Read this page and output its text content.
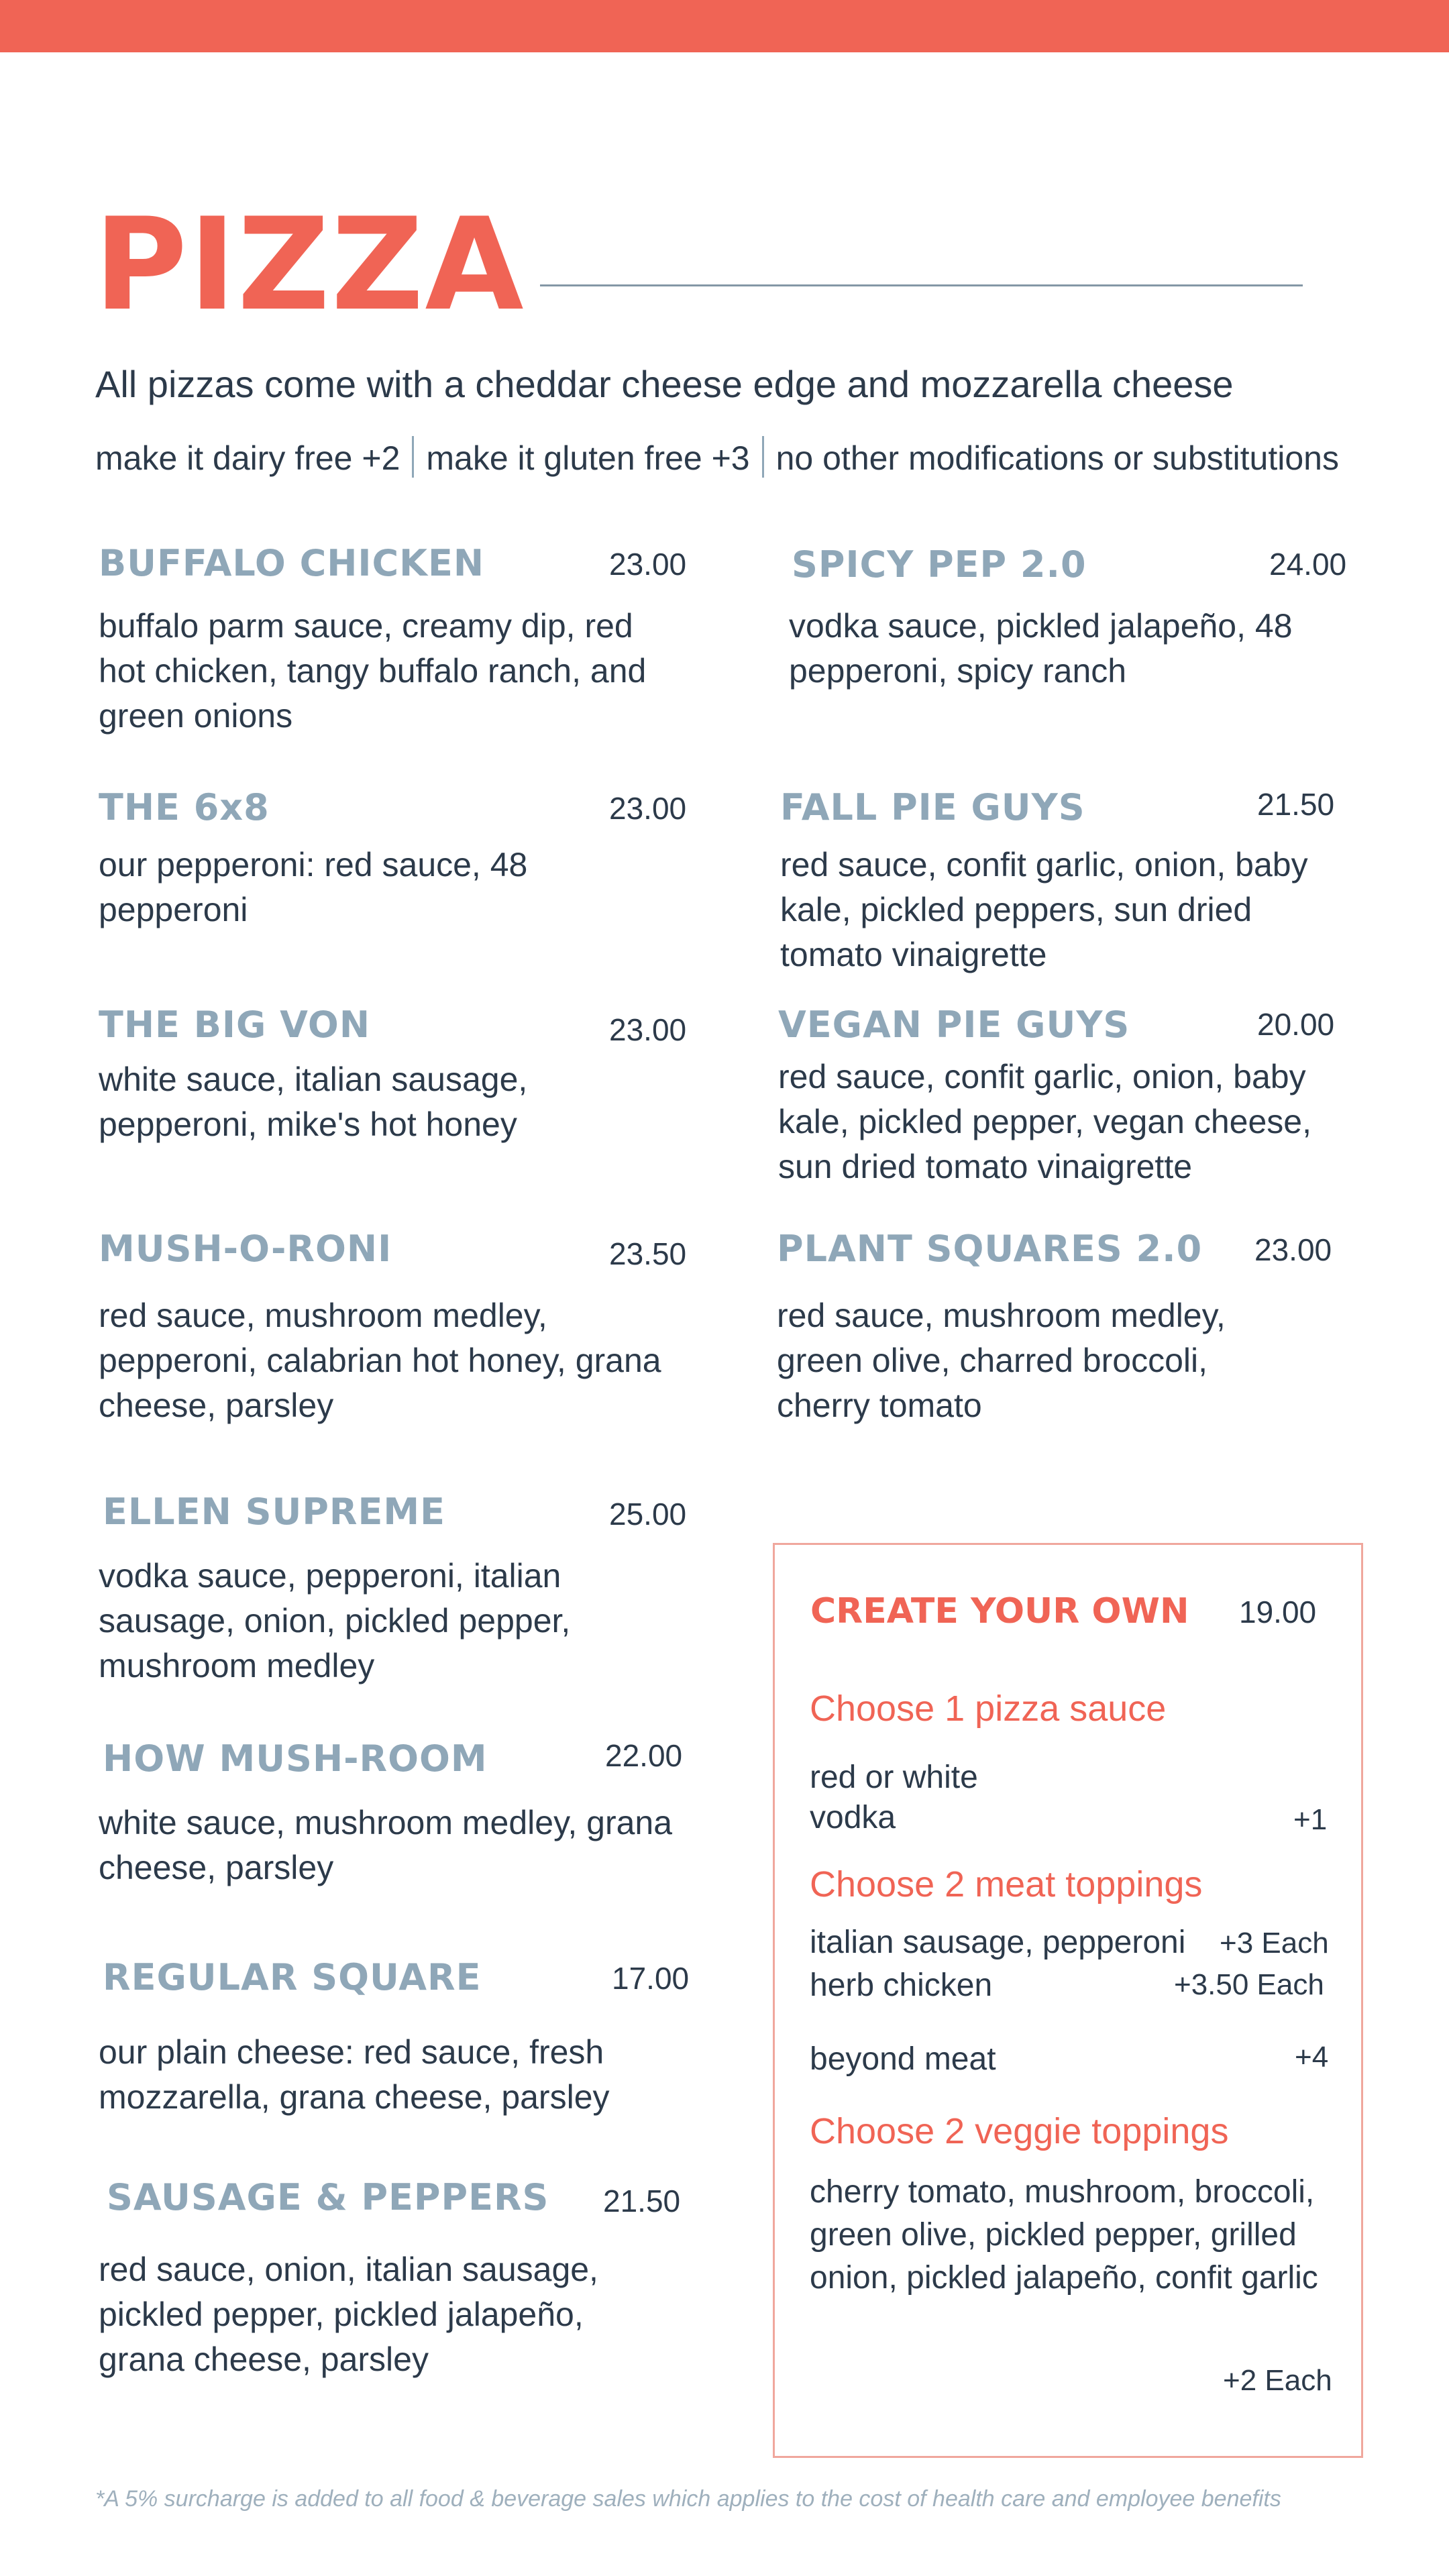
PIZZA
All pizzas come with a cheddar cheese edge and mozzarella cheese
make it dairy free +2 make it gluten free +3 no other modifications or substitutions
BUFFALO CHICKEN	23.00
buffalo parm sauce, creamy dip, red hot chicken, tangy buffalo ranch, and green onions
THE 6x8	23.00
our pepperoni: red sauce, 48 pepperoni
THE BIG VON	23.00
white sauce, italian sausage, pepperoni, mike's hot honey
MUSH-O-RONI	23.50
red sauce, mushroom medley, pepperoni, calabrian hot honey, grana cheese, parsley
ELLEN SUPREME	25.00
vodka sauce, pepperoni, italian sausage, onion, pickled pepper, mushroom medley
HOW MUSH-ROOM	22.00
white sauce, mushroom medley, grana cheese, parsley
REGULAR SQUARE	17.00
our plain cheese: red sauce, fresh mozzarella, grana cheese, parsley
SAUSAGE & PEPPERS 21.50
red sauce, onion, italian sausage, pickled pepper, pickled jalapeño, grana cheese, parsley
SPICY PEP 2.0	24.00
vodka sauce, pickled jalapeño, 48 pepperoni, spicy ranch
FALL PIE GUYS	21.50
red sauce, confit garlic, onion, baby kale, pickled peppers, sun dried tomato vinaigrette
VEGAN PIE GUYS	20.00
red sauce, confit garlic, onion, baby kale, pickled pepper, vegan cheese, sun dried tomato vinaigrette
PLANT SQUARES 2.0 23.00
red sauce, mushroom medley, green olive, charred broccoli, cherry tomato
CREATE YOUR OWN 19.00
Choose 1 pizza sauce
red or white
vodka	+1
Choose 2 meat toppings
italian sausage, pepperoni +3 Each
herb chicken	+3.50 Each
beyond meat	+4
Choose 2 veggie toppings
cherry tomato, mushroom, broccoli, green olive, pickled pepper, grilled onion, pickled jalapeño, confit garlic
+2 Each
*A 5% surcharge is added to all food & beverage sales which applies to the cost of health care and employee benefits
